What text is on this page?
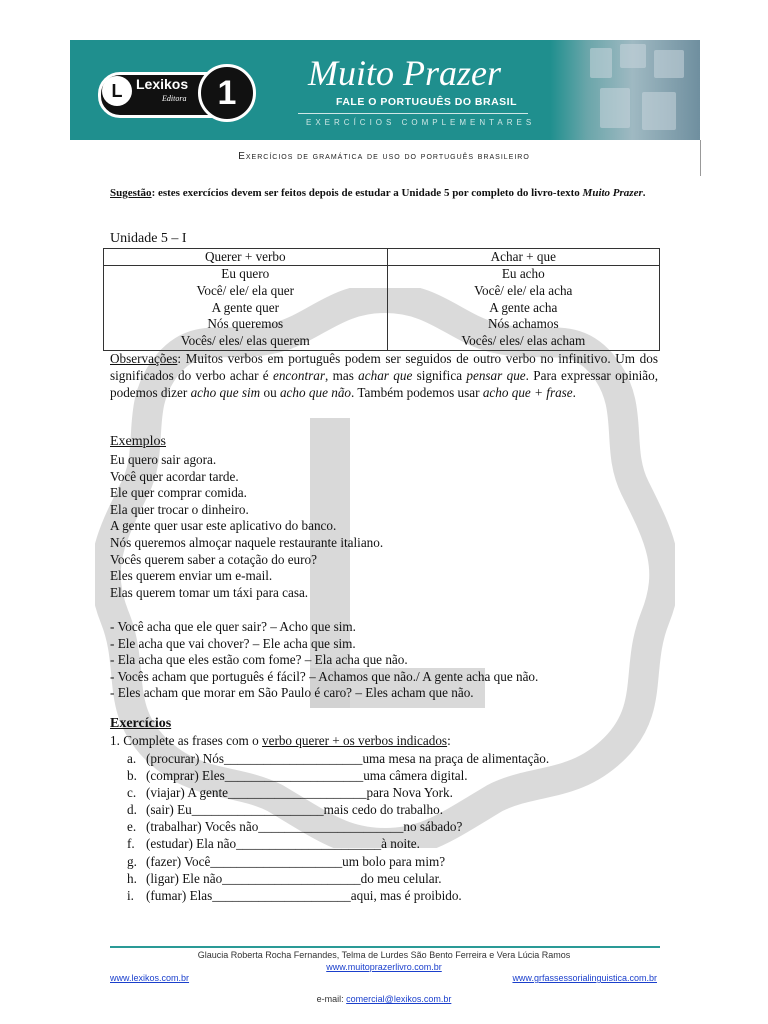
L Lexikos
Editora 1	Muito Prazer
FALE O PORTUGUÊS DO BRASIL
EXERCÍCIOS COMPLEMENTARES
Exercícios de gramática de uso do português brasileiro
Sugestão: estes exercícios devem ser feitos depois de estudar a Unidade 5 por completo do livro-texto Muito Prazer.
Unidade 5 – I
Querer + verbo	Achar + que
Eu quero	Eu acho
Você/ ele/ ela quer	Você/ ele/ ela acha
A gente quer	A gente acha
Nós queremos	Nós achamos
Vocês/ eles/ elas querem	Vocês/ eles/ elas acham
Observações: Muitos verbos em português podem ser seguidos de outro verbo no infinitivo. Um dos significados do verbo achar é encontrar, mas achar que significa pensar que. Para expressar opinião, podemos dizer acho que sim ou acho que não. Também podemos usar acho que + frase.
Exemplos
Eu quero sair agora.
Você quer acordar tarde.
Ele quer comprar comida.
Ela quer trocar o dinheiro.
A gente quer usar este aplicativo do banco.
Nós queremos almoçar naquele restaurante italiano.
Vocês querem saber a cotação do euro?
Eles querem enviar um e-mail.
Elas querem tomar um táxi para casa.
- Você acha que ele quer sair? – Acho que sim.
- Ele acha que vai chover? – Ele acha que sim.
- Ela acha que eles estão com fome? – Ela acha que não.
- Vocês acham que português é fácil? – Achamos que não./ A gente acha que não.
- Eles acham que morar em São Paulo é caro? – Eles acham que não.
Exercícios
1. Complete as frases com o verbo querer + os verbos indicados:
a. (procurar) Nós_____________________uma mesa na praça de alimentação.
b. (comprar) Eles_____________________uma câmera digital.
c. (viajar) A gente_____________________para Nova York.
d. (sair) Eu____________________mais cedo do trabalho.
e. (trabalhar) Vocês não______________________no sábado?
f. (estudar) Ela não______________________à noite.
g. (fazer) Você____________________um bolo para mim?
h. (ligar) Ele não_____________________do meu celular.
i. (fumar) Elas_____________________aqui, mas é proibido.
Glaucia Roberta Rocha Fernandes, Telma de Lurdes São Bento Ferreira e Vera Lúcia Ramos
www.muitoprazerlivro.com.br
www.lexikos.com.br	www.grfassessorialinguistica.com.br
e-mail: comercial@lexikos.com.br
